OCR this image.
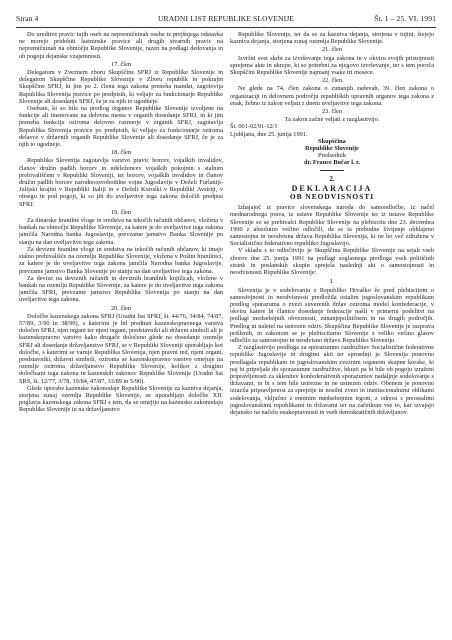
Stran 4	URADNI LIST REPUBLIKE SLOVENIJE	Št. 1 – 25. VI. 1991

Do ureditve pravic tujih oseb na nepremičninah osebe iz prejšnjega odstavka ne morejo pridobiti lastninske pravice ali drugih stvarnih pravic na nepremičninah na območju Republike Slovenije, razen na podlagi dedovanja in ob pogoju dejanske vzajemnosti.

17. člen

Delegatom v Zveznem zboru Skupščine SFRJ iz Republike Slovenije in delegatom Skupščine Republike Slovenije v Zboru republik in pokrajin Skupščine SFRJ, ki jim po 2. členu tega zakona preneha mandat, zagotovija Republika Slovenija pravice po predpisih, ki veljajo za funkcionarje Republike Slovenije ali dosedanje SFRJ, če je za njih to ugodneje.

Osebam, ki so bile na predlog organov Republike Slovenije izvoljene na funkcije ali imenovane na delovna mesta v organih dosedanje SFRJ, in ki jim preneha funkcija oziroma delovno razmerje v organih SFRJ, zagotavlja Republika Slovenija pravice po predpisih, ki veljajo za funkcionarje oziroma delavce v državnih organih Republike Slovenije ali dosedanje SFRJ, če je za njih to ugodneje.

18. člen

Republika Slovenija zagotavlja varstvo pravic borcev, vojaških invalidov, članov družin padlih borcev in udeležencev vojaških pokojnin s stalnim prebivališčem v Republiki Sloveniji, ter borcev, vojaških invalidov in članov družin padlih borcev narodnoosvobodilne vojne Jugoslavije v Deželi Furlaniji-Julijski krajini v Republiki Italiji in v Deželi Koroški v Republiki Avstriji, v obsegu in pod pogoji, ki so jih do uveljavitve tega zakona določili predpisi SFRJ.

19. člen

Za dinarske hranilne vloge in sredstva na tekočih računih občanov, vložena v bankah na območju Republike Slovenije, za katere je do uveljavitve tega zakona jamčila Narodna banka Jugoslavije, prevzame jamstvo Banka Slovenije po stanju na dan uveljavitve tega zakona.

Za devizne hranilne vloge in sredstva na tekočih računih občanov, ki imajo stalno prebivališče na ozemlju Republike Slovenije, vložena v Poštni hranilnici, za katere je do uveljavitve tega zakona jamčila Narodna banka Jugoslavije, prevzame jamstvo Banka Slovenije po stanju na dan uveljavitve tega zakona.

Za devize na deviznih računih in deviznih hranilnih knjižicah, vložene v bankah na ozemlju Republike Slovenije, za katere je do uveljavitve tega zakona jamčila SFRJ, prevzame jamstvo Republika Slovenija po stanju na dan uveljavitve tega zakona.

20. člen

Določbe kazenskega zakona SFRJ (Uradni list SFRJ, št. 44/76, 34/84, 74/87, 57/89, 3/90 in 38/90), s katerimi je bil predmet kazenskopravnega varstva določen SFRJ, njen organi ter njeni organi, predstavniki ali državni simboli ali je kazenskopravno varstvo kako drugače določeno glede na dosedanje ozemlje SFRJ ali dosedanje državljanstvo SFRJ, se v Republiki Sloveniji uporabljajo kot določbe, s katerimi se varuje Republika Slovenija, njen pravni red, njeni organi, predstavniki, državni simboli, oziroma se kazenskopravno varstvo omejuje na ozemlje oziroma državljanstvo Republike Slovenije, kolikor z drugimi določbami tega zakona in kazenskih zakonov Republike Slovenije (Uradni list SRS, št. 12/77, 3/78, 19/84, 47/87, 33/89 in 5/90).

Glede uporabe kazenske zakonodaje Republike Slovenije za kazniva dejanja, storjena zunaj ozemlja Republike Slovenije, se uporabljajo določbe XII. poglavja kazenskega zakona SFRJ s tem, da se omejijo na kazensko zakonodajo Republike Slovenije in na državljanstvo

Republike Slovenije, ter da se za kazniva dejanja, storjena v tujini, štejejo kazniva dejanja, storjena zunaj ozemlja Republike Slovenije.

21. člen

Izvršni svet skrbi za izvrševanje tega zakona in v okviru svojih pristojnosti sprejema akte in ukrepe, ki so potrebni za njegovo izvrševanje, ter s tem poroča Skupščini Republike Slovenije najmanj vsake tri mesece.

22. člen

Ne glede na 74. člen zakona o zunanjih zadevah, 39. člen zakona o organizaciji in delovnem področju republiških upravnih organov tega zakona z enak, žebno iz zakon veljati z dnem uveljavitve tega zakona.

23. člen
Ta zakon začne veljati z razglasitvijo.
Št. 001-02/91-12/1
Ljubljana, dne 25. junija 1991.
Skupščina
Republike Slovenije
Predsednik
dr. France Bučar l. r.
2.
DEKLARACIJA
OB NEODVISNOSTI

Izhajajoč iz pravice slovenskega naroda do samoodločbe, iz načel mednarodnega prava, iz ustave Republike Slovenije ter iz ustave Republike Slovenije so se prebivalci Republike Slovenije na plebiscitu dne 23. decembra 1990 z absolutno večino odločili, da se ta prebodne živijenje obhlajeno samostojna in neodvisna država Republika Slovenija, ki ne bo več združena v Socialistično federativno republiko Jugoslavijo.

V skladu s to odločitvijo je Skupščina Republike Slovenije na sejah vseh zborov dne 25. junija 1991 na podlagi soglasnega predloga vseh političnih strank in poslanskih skupin sprejela naslednji akt o samostojnosti in neodvisnosti Republike Slovenije:

I.

Slovenija je v sodelovanju z Republiko Hrvaško že pred plebiscitom o samostojnosti in neodvisnosti predložila ostalim jugoslovanskim republikam predlog sporazuma o zvezi suverenih držav oziroma model konfederacije, v okviru katere bi članice dosedanje federacije našli v primerni podelitvi na podlagi medsebojnih obveznosti, zunanjepolitičnem in na drugih področjih. Predlog ni naletel na ustrezen odziv. Skupščina Republike Slovenije je razprava prišlenih, ni zakonom se je plebiscitarno Slovenije z veliko večino glasov odločilo za samostojno in neodvisno državo Republiko Slovenijo.

Z razglasitvijo predloga za sporazumno razdružitev Socialistične federativne republike Jugoslavije in drugimi akti ter sprosdnji je Slovenija ponovno predlagala republikam in jugoslovanskim zveznim organom skupne korake, ki naj bi pripeljale do sporazumne razdružitve, hkrati pa bi bile ob pogoju izraženi pripravljenosti za sklenitev konfederativnih sporazumov nadaljnje sodelovanje s državami, in bi s tem bile ustrezne in ne ustrezen odziv. Obenem je ponovno izrazila pripravljenost za sprejetje in nosilni zvezi in institucionalnimi oblikami sodelovanja, vključno z enotnim medsebojnim trgom, z odnosi s preostalimi jugoslovanskimi republikami in državami ter na začetkom vse to, kar izvajajo dejansko na načelu enakopravnosti in vseh demokratičnih državljanov.
